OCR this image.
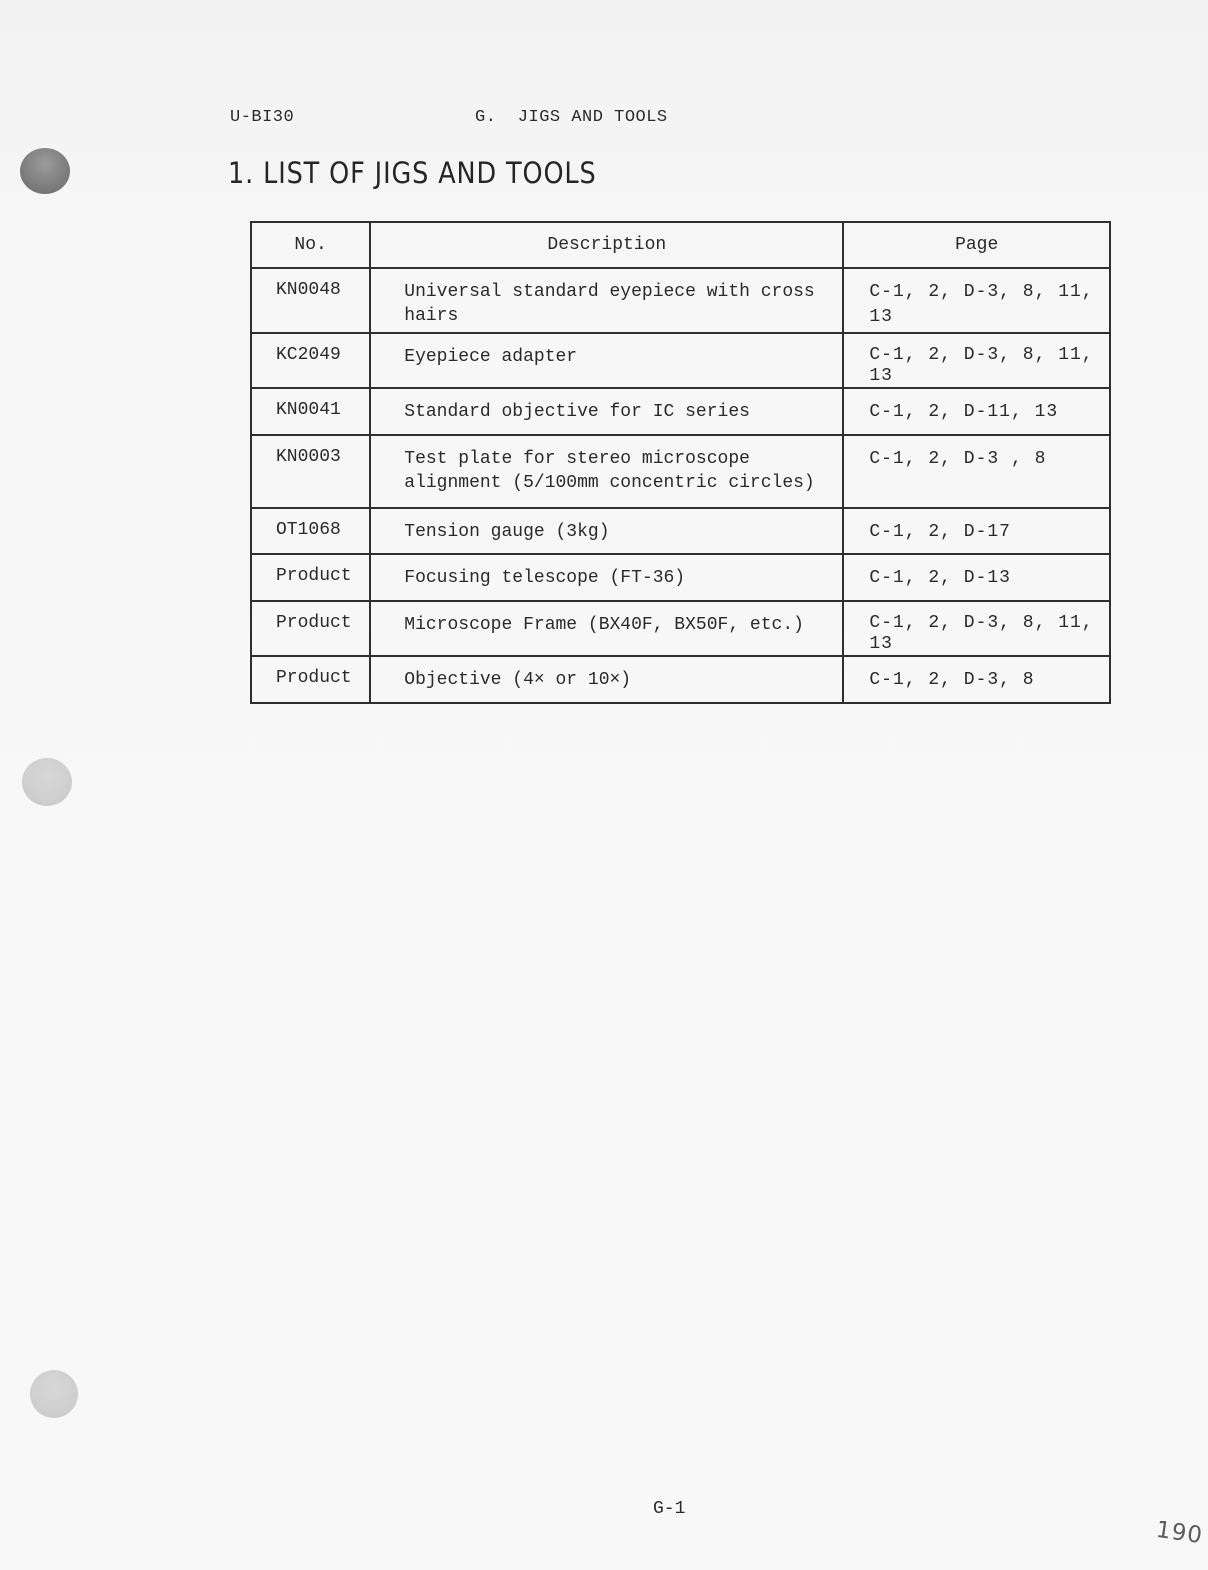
U-BI30	G.  JIGS AND TOOLS
1. LIST OF JIGS AND TOOLS
No.	Description	Page
KN0048	Universal standard eyepiece with cross hairs	C-1, 2, D-3, 8, 11, 13
KC2049	Eyepiece adapter	C-1, 2, D-3, 8, 11, 13
KN0041	Standard objective for IC series	C-1, 2, D-11, 13
KN0003	Test plate for stereo microscope alignment (5/100mm concentric circles)	C-1, 2, D-3 , 8
OT1068	Tension gauge (3kg)	C-1, 2, D-17
Product	Focusing telescope (FT-36)	C-1, 2, D-13
Product	Microscope Frame (BX40F, BX50F, etc.)	C-1, 2, D-3, 8, 11, 13
Product	Objective (4× or 10×)	C-1, 2, D-3, 8
G-1
190
